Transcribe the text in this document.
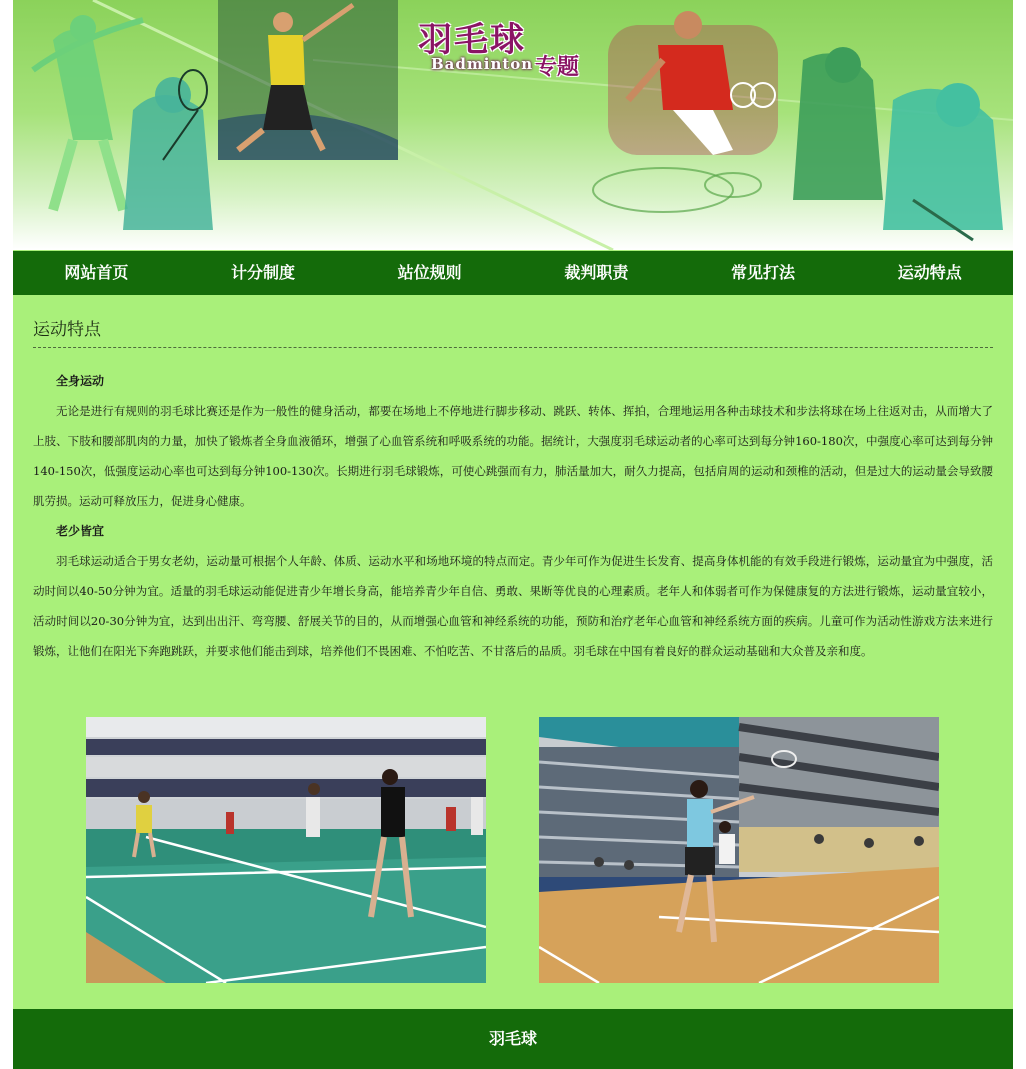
羽毛球
Badminton 专题
网站首页	计分制度	站位规则	裁判职责	常见打法	运动特点
运动特点
全身运动

无论是进行有规则的羽毛球比赛还是作为一般性的健身活动，都要在场地上不停地进行脚步移动、跳跃、转体、挥拍，合理地运用各种击球技术和步法将球在场上往返对击，从而增大了上肢、下肢和腰部肌肉的力量，加快了锻炼者全身血液循环，增强了心血管系统和呼吸系统的功能。据统计，大强度羽毛球运动者的心率可达到每分钟160-180次，中强度心率可达到每分钟140-150次，低强度运动心率也可达到每分钟100-130次。长期进行羽毛球锻炼，可使心跳强而有力，肺活量加大，耐久力提高，包括肩周的运动和颈椎的活动，但是过大的运动量会导致腰肌劳损。运动可释放压力，促进身心健康。

老少皆宜

羽毛球运动适合于男女老幼，运动量可根据个人年龄、体质、运动水平和场地环境的特点而定。青少年可作为促进生长发育、提高身体机能的有效手段进行锻炼，运动量宜为中强度，活动时间以40-50分钟为宜。适量的羽毛球运动能促进青少年增长身高，能培养青少年自信、勇敢、果断等优良的心理素质。老年人和体弱者可作为保健康复的方法进行锻炼，运动量宜较小，活动时间以20-30分钟为宜，达到出出汗、弯弯腰、舒展关节的目的，从而增强心血管和神经系统的功能，预防和治疗老年心血管和神经系统方面的疾病。儿童可作为活动性游戏方法来进行锻炼，让他们在阳光下奔跑跳跃，并要求他们能击到球，培养他们不畏困难、不怕吃苦、不甘落后的品质。羽毛球在中国有着良好的群众运动基础和大众普及亲和度。

羽毛球
